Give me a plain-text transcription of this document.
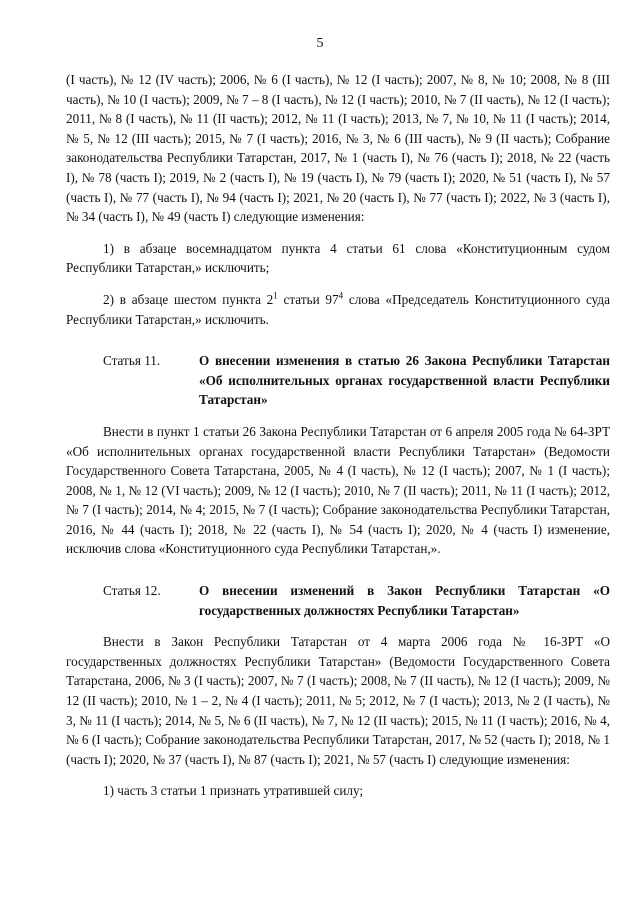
5

(I часть), № 12 (IV часть); 2006, № 6 (I часть), № 12 (I часть); 2007, № 8, № 10; 2008, № 8 (III часть), № 10 (I часть); 2009, № 7 – 8 (I часть), № 12 (I часть); 2010, № 7 (II часть), № 12 (I часть); 2011, № 8 (I часть), № 11 (II часть); 2012, № 11 (I часть); 2013, № 7, № 10, № 11 (I часть); 2014, № 5, № 12 (III часть); 2015, № 7 (I часть); 2016, № 3, № 6 (III часть), № 9 (II часть); Собрание законодательства Республики Татарстан, 2017, № 1 (часть I), № 76 (часть I); 2018, № 22 (часть I), № 78 (часть I); 2019, № 2 (часть I), № 19 (часть I), № 79 (часть I); 2020, № 51 (часть I), № 57 (часть I), № 77 (часть I), № 94 (часть I); 2021, № 20 (часть I), № 77 (часть I); 2022, № 3 (часть I), № 34 (часть I), № 49 (часть I) следующие изменения:

1) в абзаце восемнадцатом пункта 4 статьи 61 слова «Конституционным судом Республики Татарстан,» исключить;

2) в абзаце шестом пункта $2^1$ статьи $97^4$ слова «Председатель Конституционного суда Республики Татарстан,» исключить.

Статья 11.	О внесении изменения в статью 26 Закона Республики Татарстан «Об исполнительных органах государственной власти Республики Татарстан»

Внести в пункт 1 статьи 26 Закона Республики Татарстан от 6 апреля 2005 года № 64-ЗРТ «Об исполнительных органах государственной власти Республики Татарстан» (Ведомости Государственного Совета Татарстана, 2005, № 4 (I часть), № 12 (I часть); 2007, № 1 (I часть); 2008, № 1, № 12 (VI часть); 2009, № 12 (I часть); 2010, № 7 (II часть); 2011, № 11 (I часть); 2012, № 7 (I часть); 2014, № 4; 2015, № 7 (I часть); Собрание законодательства Республики Татарстан, 2016, № 44 (часть I); 2018, № 22 (часть I), № 54 (часть I); 2020, № 4 (часть I) изменение, исключив слова «Конституционного суда Республики Татарстан,».

Статья 12.	О внесении изменений в Закон Республики Татарстан «О государственных должностях Республики Татарстан»

Внести в Закон Республики Татарстан от 4 марта 2006 года № 16-ЗРТ «О государственных должностях Республики Татарстан» (Ведомости Государственного Совета Татарстана, 2006, № 3 (I часть); 2007, № 7 (I часть); 2008, № 7 (II часть), № 12 (I часть); 2009, № 12 (II часть); 2010, № 1 – 2, № 4 (I часть); 2011, № 5; 2012, № 7 (I часть); 2013, № 2 (I часть), № 3, № 11 (I часть); 2014, № 5, № 6 (II часть), № 7, № 12 (II часть); 2015, № 11 (I часть); 2016, № 4, № 6 (I часть); Собрание законодательства Республики Татарстан, 2017, № 52 (часть I); 2018, № 1 (часть I); 2020, № 37 (часть I), № 87 (часть I); 2021, № 57 (часть I) следующие изменения:

1) часть 3 статьи 1 признать утратившей силу;
